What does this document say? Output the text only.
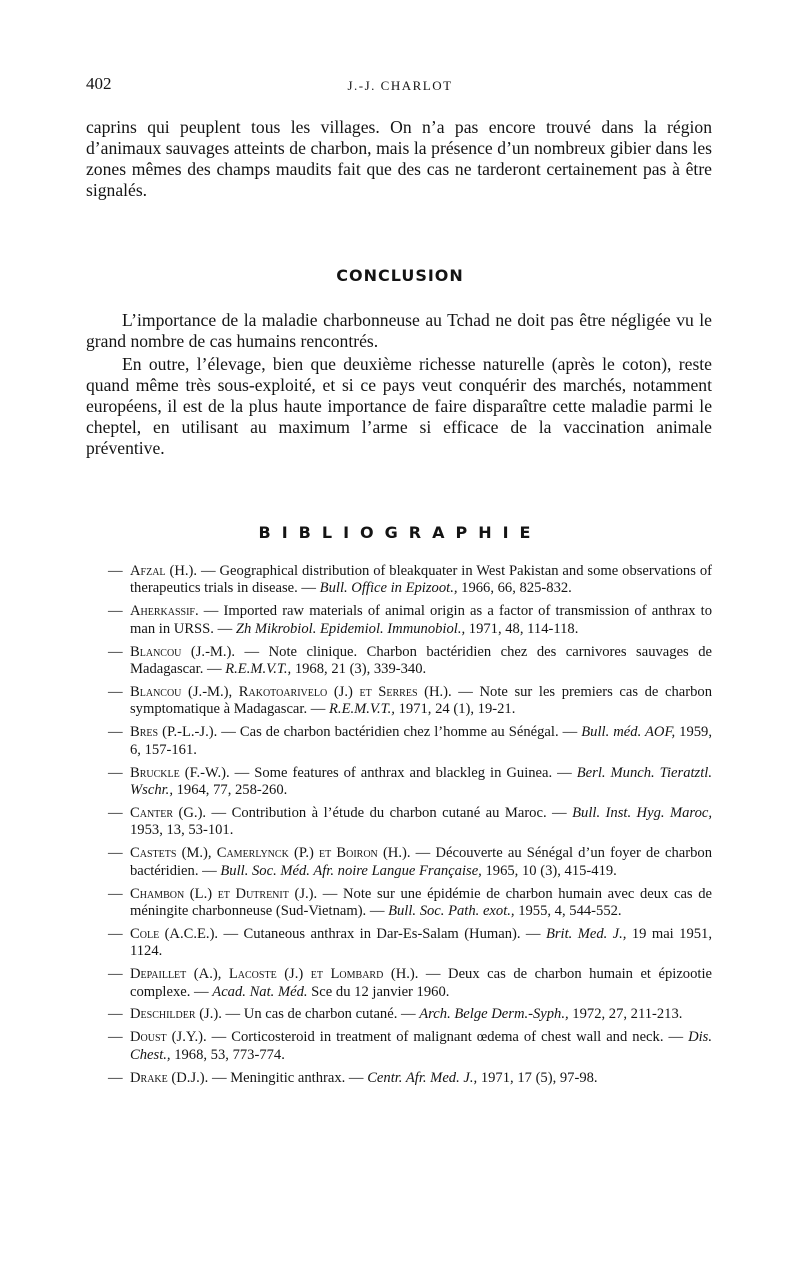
402	J.-J. CHARLOT

caprins qui peuplent tous les villages. On n’a pas encore trouvé dans la région d’animaux sauvages atteints de charbon, mais la présence d’un nombreux gibier dans les zones mêmes des champs maudits fait que des cas ne tarderont certainement pas à être signalés.

CONCLUSION

L’importance de la maladie charbonneuse au Tchad ne doit pas être négligée vu le grand nombre de cas humains rencontrés.

En outre, l’élevage, bien que deuxième richesse naturelle (après le coton), reste quand même très sous-exploité, et si ce pays veut conquérir des marchés, notamment européens, il est de la plus haute importance de faire disparaître cette maladie parmi le cheptel, en utilisant au maximum l’arme si efficace de la vaccination animale préventive.

BIBLIOGRAPHIE
— Afzal (H.). — Geographical distribution of bleakquater in West Pakistan and some observations of therapeutics trials in disease. — Bull. Office in Epizoot., 1966, 66, 825-832.
— Aherkassif. — Imported raw materials of animal origin as a factor of transmission of anthrax to man in URSS. — Zh Mikrobiol. Epidemiol. Immunobiol., 1971, 48, 114-118.
— Blancou (J.-M.). — Note clinique. Charbon bactéridien chez des carnivores sauvages de Madagascar. — R.E.M.V.T., 1968, 21 (3), 339-340.
— Blancou (J.-M.), Rakotoarivelo (J.) et Serres (H.). — Note sur les premiers cas de charbon symptomatique à Madagascar. — R.E.M.V.T., 1971, 24 (1), 19-21.
— Bres (P.-L.-J.). — Cas de charbon bactéridien chez l’homme au Sénégal. — Bull. méd. AOF, 1959, 6, 157-161.
— Bruckle (F.-W.). — Some features of anthrax and blackleg in Guinea. — Berl. Munch. Tieratztl. Wschr., 1964, 77, 258-260.
— Canter (G.). — Contribution à l’étude du charbon cutané au Maroc. — Bull. Inst. Hyg. Maroc, 1953, 13, 53-101.
— Castets (M.), Camerlynck (P.) et Boiron (H.). — Découverte au Sénégal d’un foyer de charbon bactéridien. — Bull. Soc. Méd. Afr. noire Langue Française, 1965, 10 (3), 415-419.
— Chambon (L.) et Dutrenit (J.). — Note sur une épidémie de charbon humain avec deux cas de méningite charbonneuse (Sud-Vietnam). — Bull. Soc. Path. exot., 1955, 4, 544-552.
— Cole (A.C.E.). — Cutaneous anthrax in Dar-Es-Salam (Human). — Brit. Med. J., 19 mai 1951, 1124.
— Depaillet (A.), Lacoste (J.) et Lombard (H.). — Deux cas de charbon humain et épizootie complexe. — Acad. Nat. Méd. Sce du 12 janvier 1960.
— Deschilder (J.). — Un cas de charbon cutané. — Arch. Belge Derm.-Syph., 1972, 27, 211-213.
— Doust (J.Y.). — Corticosteroid in treatment of malignant œdema of chest wall and neck. — Dis. Chest., 1968, 53, 773-774.
— Drake (D.J.). — Meningitic anthrax. — Centr. Afr. Med. J., 1971, 17 (5), 97-98.
